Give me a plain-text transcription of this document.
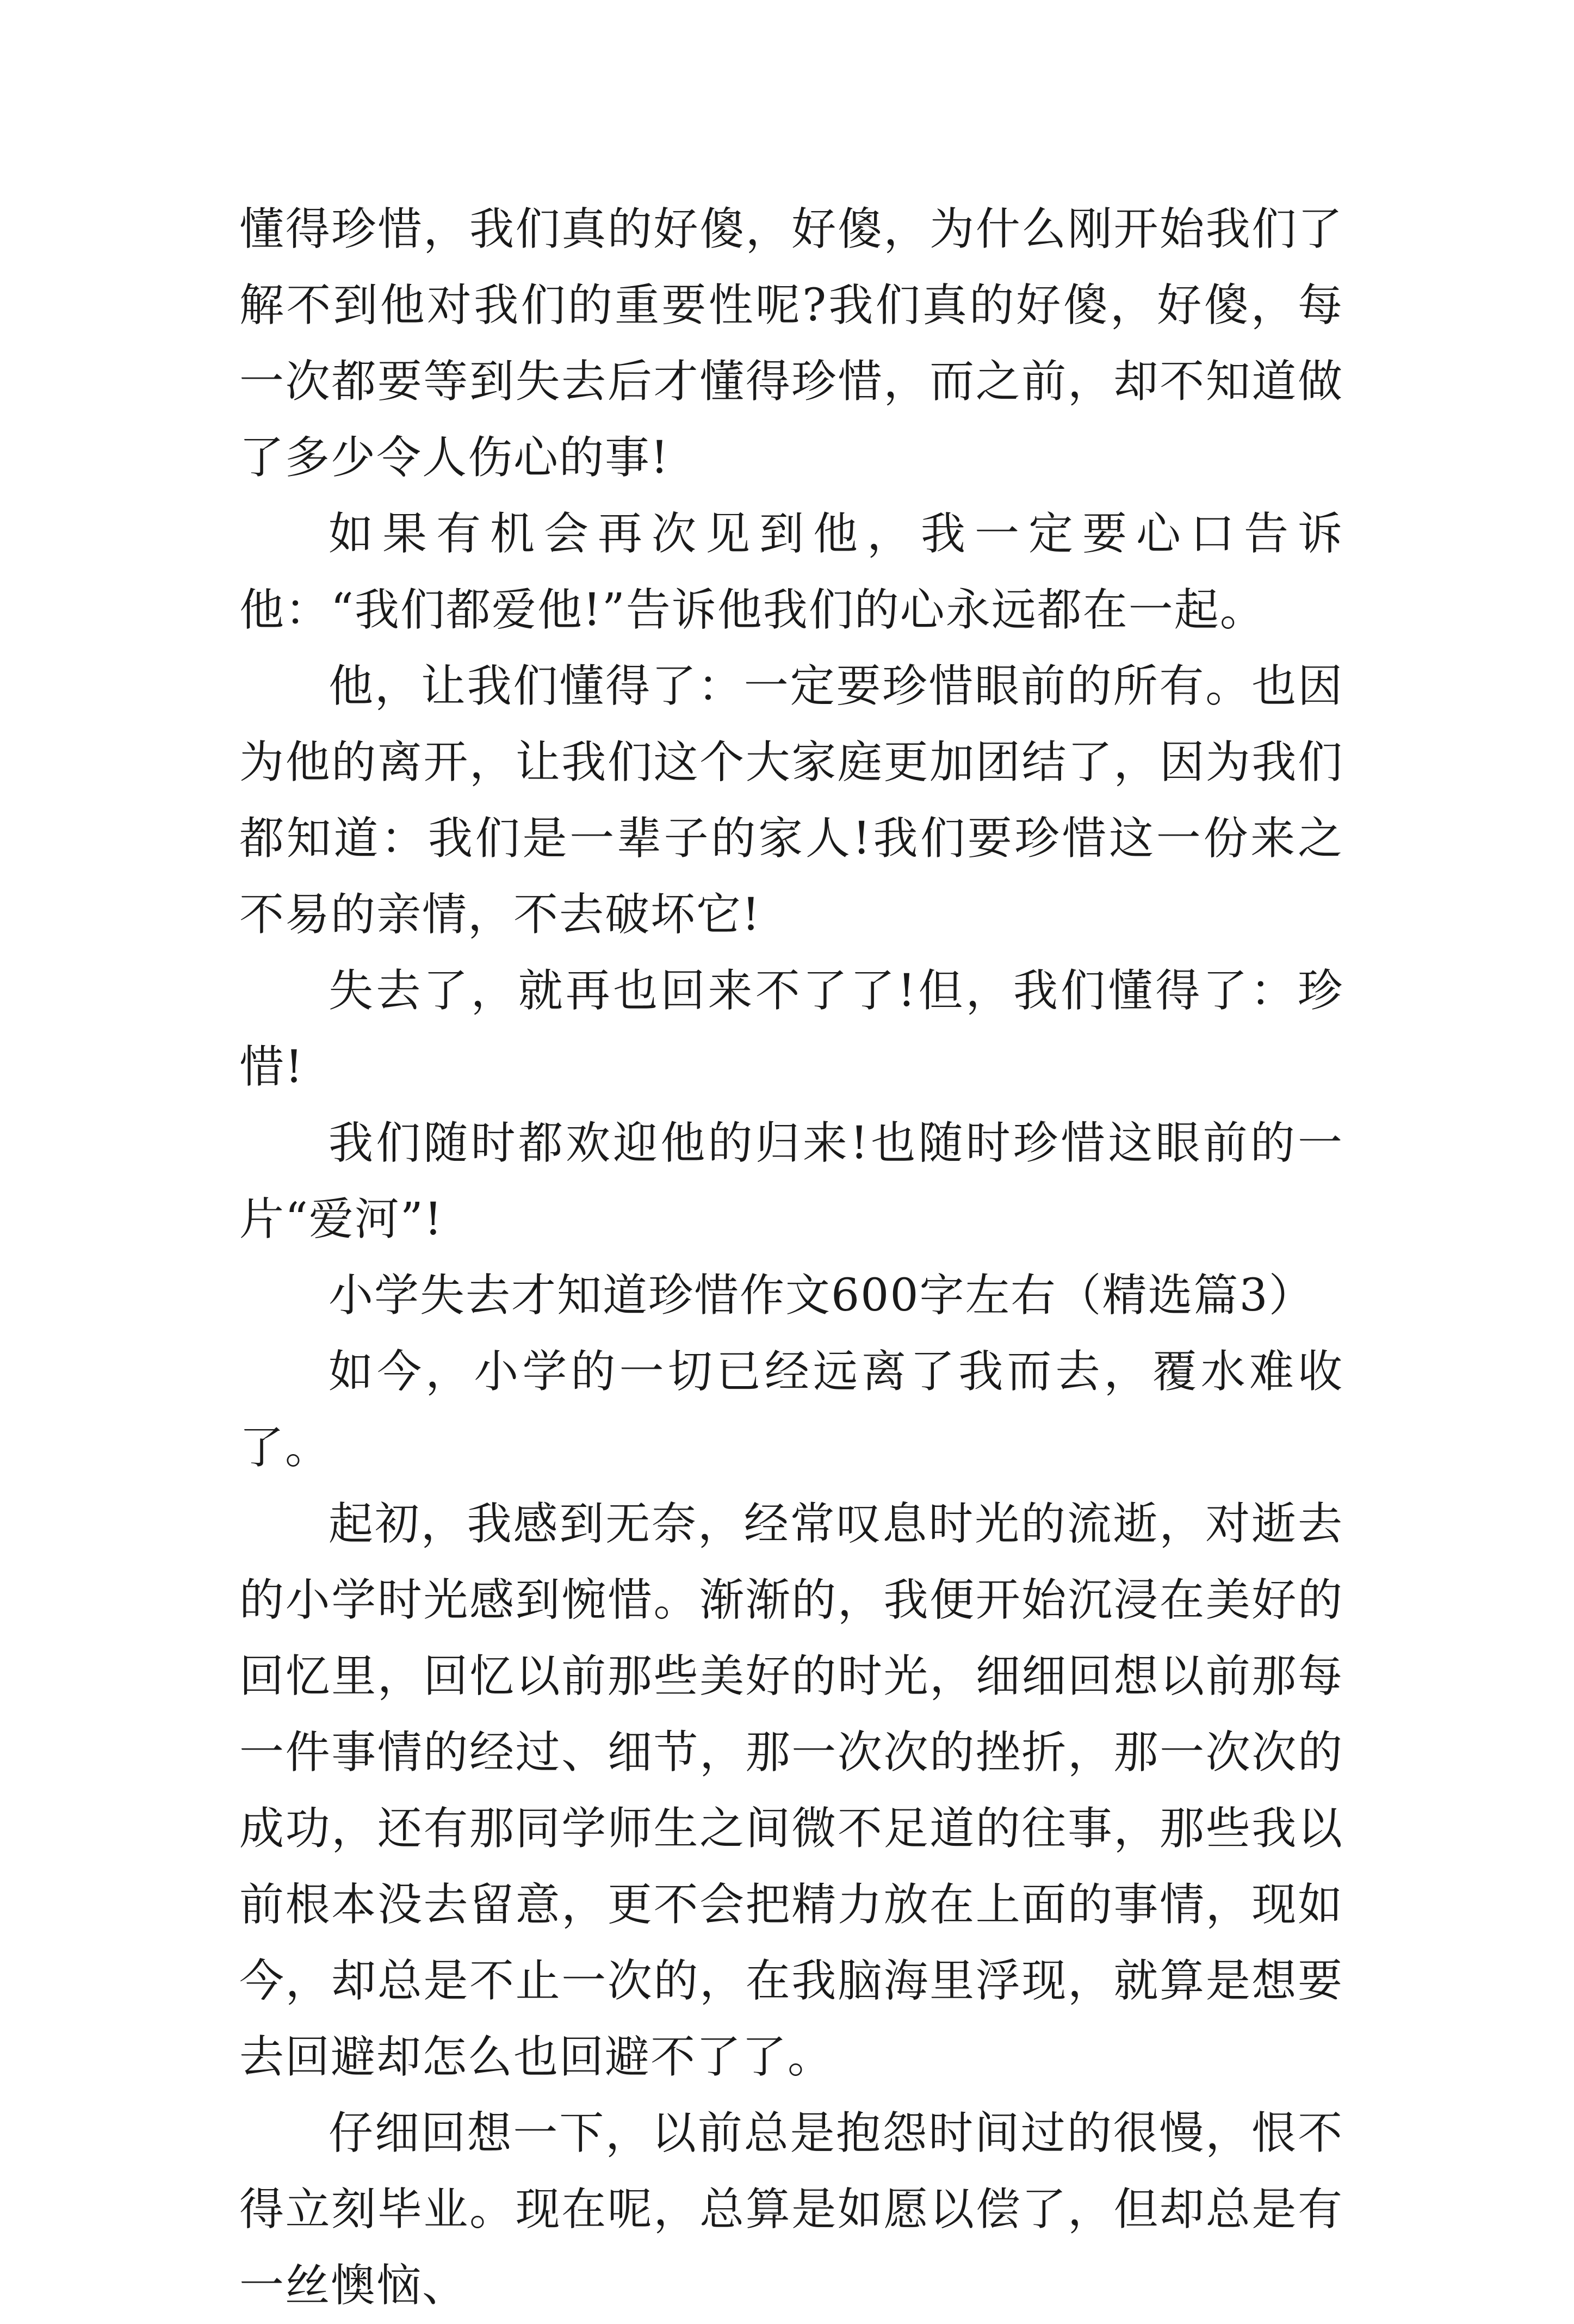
懂得珍惜，我们真的好傻，好傻，为什么刚开始我们了解不到他对我们的重要性呢?我们真的好傻，好傻，每一次都要等到失去后才懂得珍惜，而之前，却不知道做了多少令人伤心的事!

如果有机会再次见到他，我一定要心口告诉他：“我们都爱他!”告诉他我们的心永远都在一起。

他，让我们懂得了：一定要珍惜眼前的所有。也因为他的离开，让我们这个大家庭更加团结了，因为我们都知道：我们是一辈子的家人!我们要珍惜这一份来之不易的亲情，不去破坏它!

失去了，就再也回来不了了!但，我们懂得了：珍惜!

我们随时都欢迎他的归来!也随时珍惜这眼前的一片“爱河”!

小学失去才知道珍惜作文600字左右（精选篇3）

如今，小学的一切已经远离了我而去，覆水难收了。

起初，我感到无奈，经常叹息时光的流逝，对逝去的小学时光感到惋惜。渐渐的，我便开始沉浸在美好的回忆里，回忆以前那些美好的时光，细细回想以前那每一件事情的经过、细节，那一次次的挫折，那一次次的成功，还有那同学师生之间微不足道的往事，那些我以前根本没去留意，更不会把精力放在上面的事情，现如今，却总是不止一次的，在我脑海里浮现，就算是想要去回避却怎么也回避不了了。

仔细回想一下，以前总是抱怨时间过的很慢，恨不得立刻毕业。现在呢，总算是如愿以偿了，但却总是有一丝懊恼、
